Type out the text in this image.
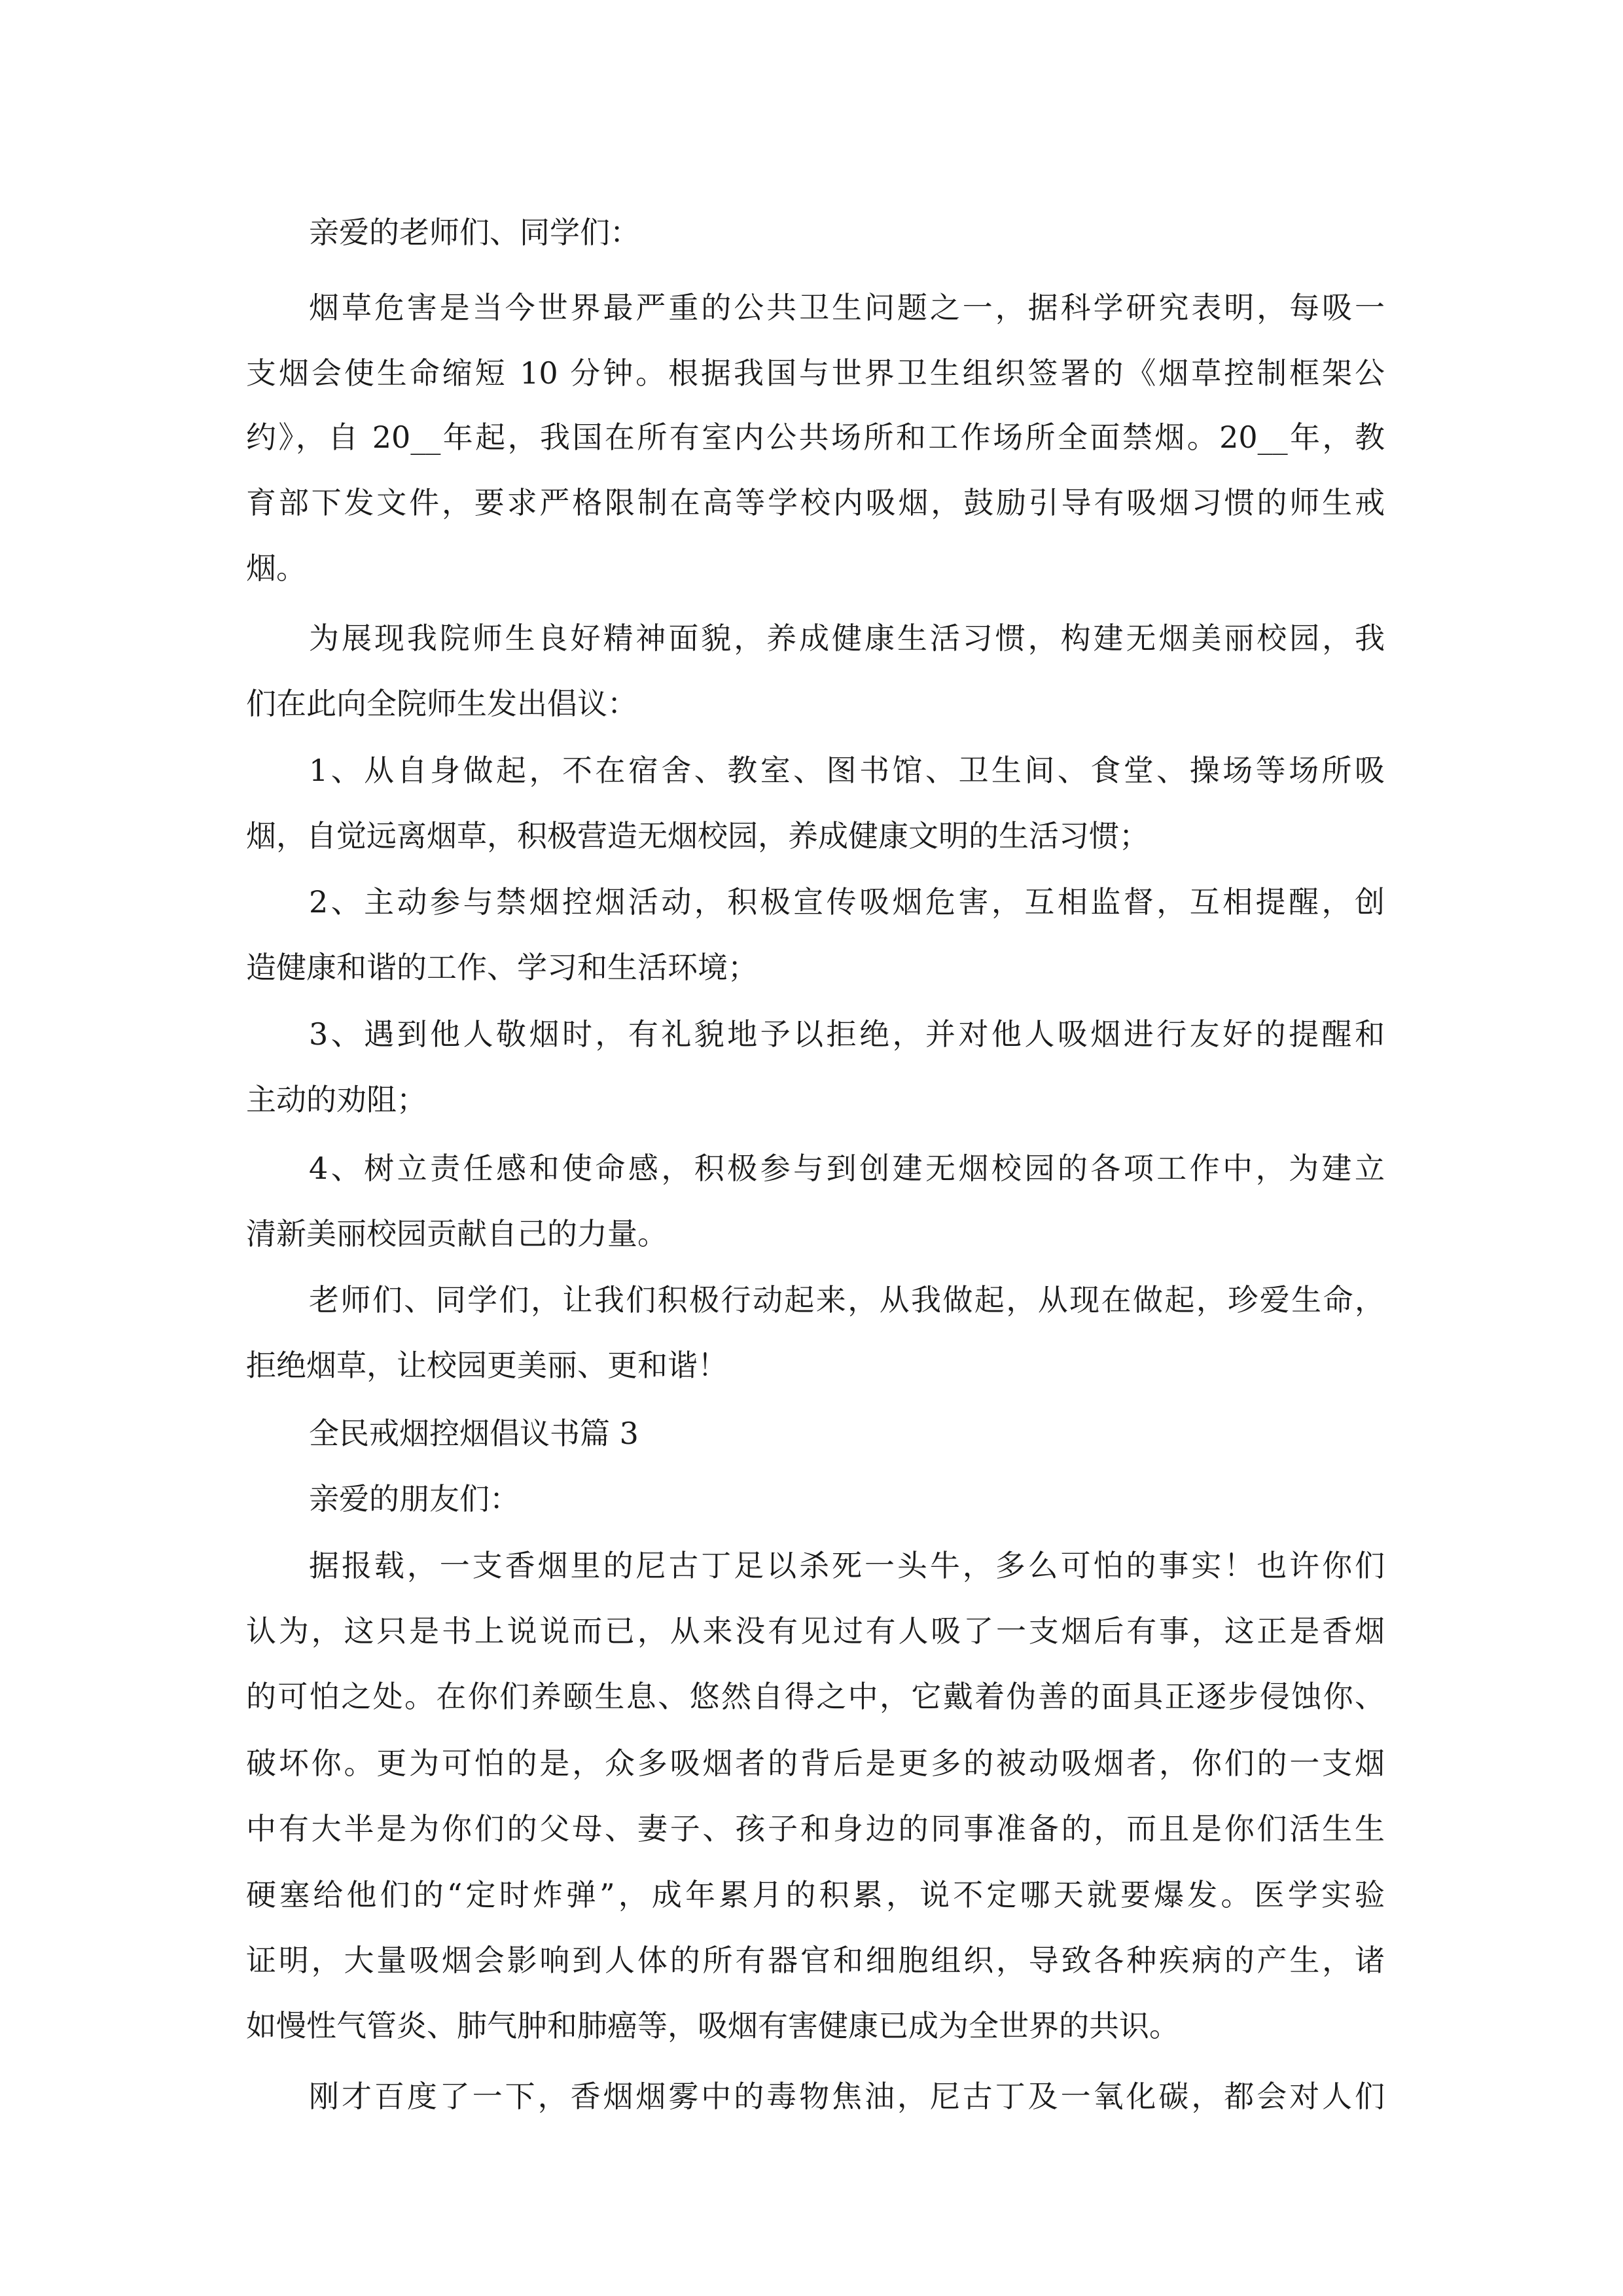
亲爱的老师们、同学们：
烟草危害是当今世界最严重的公共卫生问题之一，据科学研究表明，每吸一
支烟会使生命缩短 10 分钟。根据我国与世界卫生组织签署的《烟草控制框架公
约》，自 20__年起，我国在所有室内公共场所和工作场所全面禁烟。20__年，教
育部下发文件，要求严格限制在高等学校内吸烟，鼓励引导有吸烟习惯的师生戒
烟。
为展现我院师生良好精神面貌，养成健康生活习惯，构建无烟美丽校园，我
们在此向全院师生发出倡议：
1、从自身做起，不在宿舍、教室、图书馆、卫生间、食堂、操场等场所吸
烟，自觉远离烟草，积极营造无烟校园，养成健康文明的生活习惯；
2、主动参与禁烟控烟活动，积极宣传吸烟危害，互相监督，互相提醒，创
造健康和谐的工作、学习和生活环境；
3、遇到他人敬烟时，有礼貌地予以拒绝，并对他人吸烟进行友好的提醒和
主动的劝阻；
4、树立责任感和使命感，积极参与到创建无烟校园的各项工作中，为建立
清新美丽校园贡献自己的力量。
老师们、同学们，让我们积极行动起来，从我做起，从现在做起，珍爱生命，
拒绝烟草，让校园更美丽、更和谐！
全民戒烟控烟倡议书篇 3
亲爱的朋友们：
据报载，一支香烟里的尼古丁足以杀死一头牛，多么可怕的事实！也许你们
认为，这只是书上说说而已，从来没有见过有人吸了一支烟后有事，这正是香烟
的可怕之处。在你们养颐生息、悠然自得之中，它戴着伪善的面具正逐步侵蚀你、
破坏你。更为可怕的是，众多吸烟者的背后是更多的被动吸烟者，你们的一支烟
中有大半是为你们的父母、妻子、孩子和身边的同事准备的，而且是你们活生生
硬塞给他们的“定时炸弹”，成年累月的积累，说不定哪天就要爆发。医学实验
证明，大量吸烟会影响到人体的所有器官和细胞组织，导致各种疾病的产生，诸
如慢性气管炎、肺气肿和肺癌等，吸烟有害健康已成为全世界的共识。
刚才百度了一下，香烟烟雾中的毒物焦油，尼古丁及一氧化碳，都会对人们
